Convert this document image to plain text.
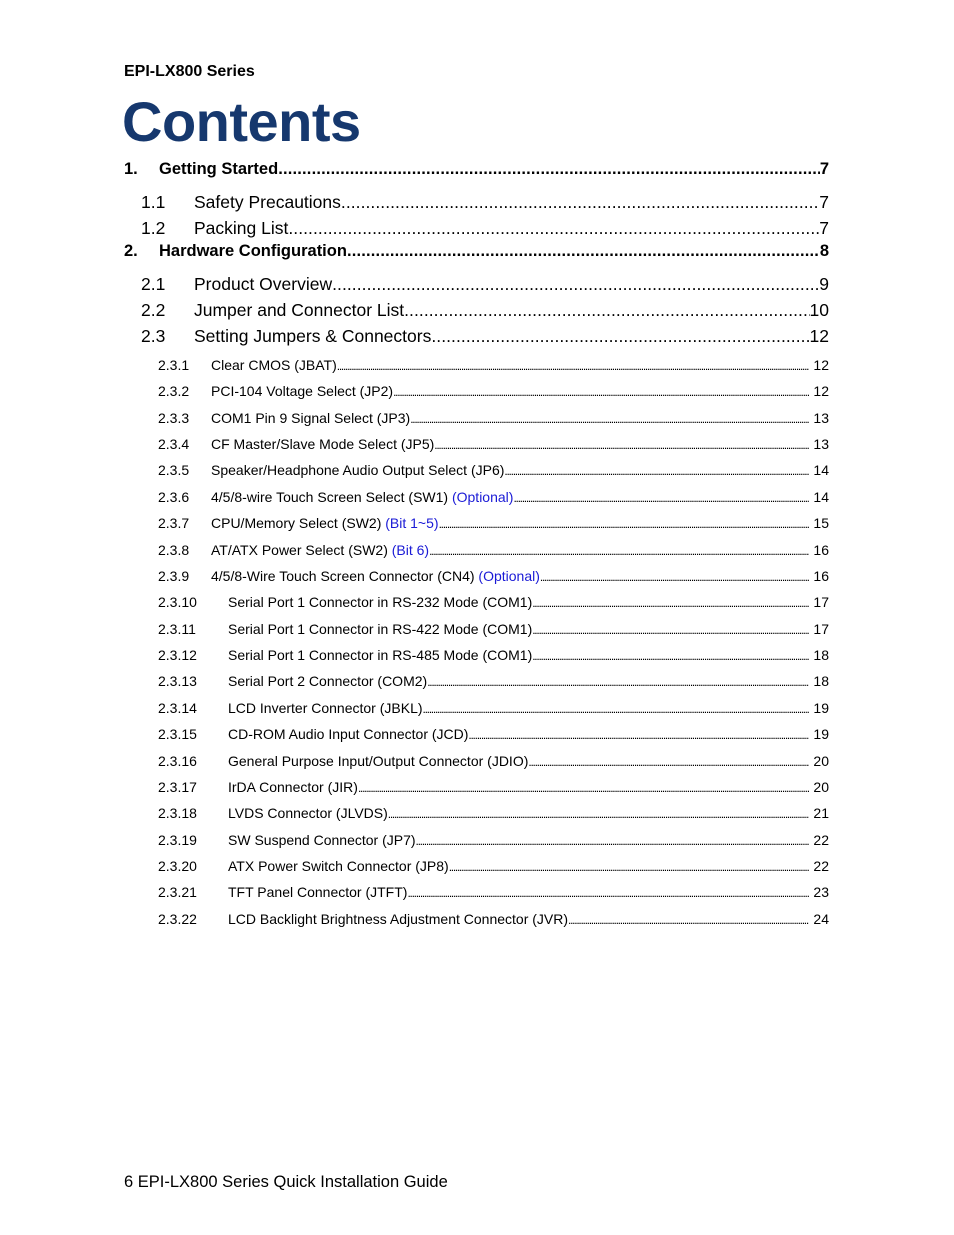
EPI-LX800 Series
Contents
1.	Getting Started . . .	7
1.1	Safety Precautions . . .	7
1.2	Packing List . . .	7
2.	Hardware Configuration . . .	8
2.1	Product Overview . . .	9
2.2	Jumper and Connector List . . .	10
2.3	Setting Jumpers & Connectors . . .	12
2.3.1	Clear CMOS (JBAT) . . .	12
2.3.2	PCI-104 Voltage Select (JP2) . . .	12
2.3.3	COM1 Pin 9 Signal Select (JP3) . . .	13
2.3.4	CF Master/Slave Mode Select (JP5) . . .	13
2.3.5	Speaker/Headphone Audio Output Select (JP6) . . .	14
2.3.6	4/5/8-wire Touch Screen Select (SW1) (Optional) . . .	14
2.3.7	CPU/Memory Select (SW2) (Bit 1~5) . . .	15
2.3.8	AT/ATX Power Select (SW2) (Bit 6) . . .	16
2.3.9	4/5/8-Wire Touch Screen Connector (CN4) (Optional) . . .	16
2.3.10	Serial Port 1 Connector in RS-232 Mode (COM1) . . .	17
2.3.11	Serial Port 1 Connector in RS-422 Mode (COM1) . . .	17
2.3.12	Serial Port 1 Connector in RS-485 Mode (COM1) . . .	18
2.3.13	Serial Port 2 Connector (COM2) . . .	18
2.3.14	LCD Inverter Connector (JBKL) . . .	19
2.3.15	CD-ROM Audio Input Connector (JCD) . . .	19
2.3.16	General Purpose Input/Output Connector (JDIO) . . .	20
2.3.17	IrDA Connector (JIR) . . .	20
2.3.18	LVDS Connector (JLVDS) . . .	21
2.3.19	SW Suspend Connector (JP7) . . .	22
2.3.20	ATX Power Switch Connector (JP8) . . .	22
2.3.21	TFT Panel Connector (JTFT) . . .	23
2.3.22	LCD Backlight Brightness Adjustment Connector (JVR) . . .	24
6 EPI-LX800 Series Quick Installation Guide
